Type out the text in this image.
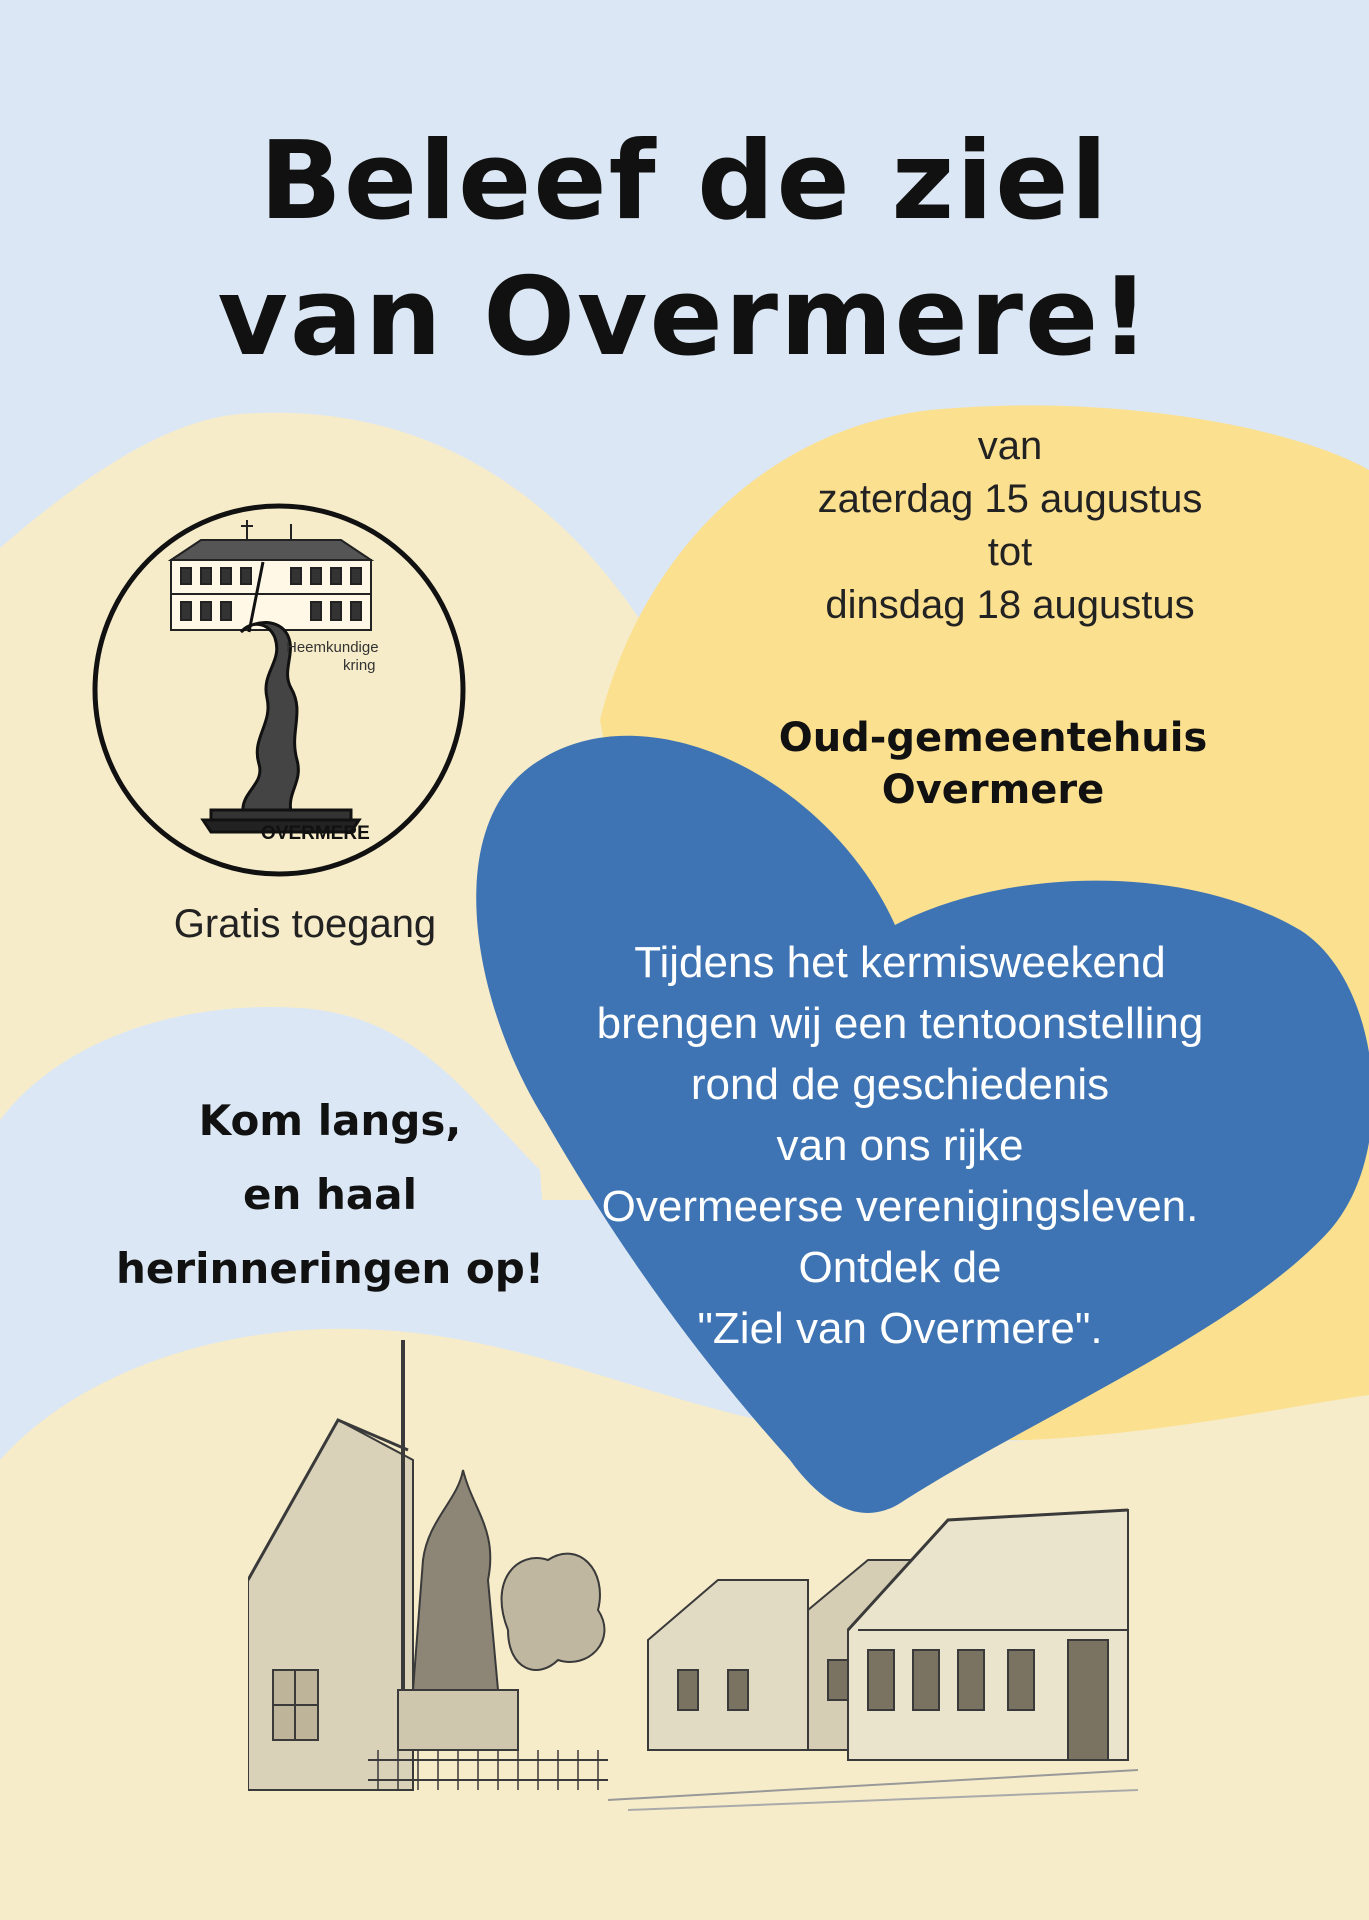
Beleef de ziel
van Overmere!
van
zaterdag 15 augustus
tot
dinsdag 18 augustus
Oud-gemeentehuis
Overmere
Heemkundige
kring
OVERMERE
Gratis toegang
Kom langs,
en haal
herinneringen op!
Tijdens het kermisweekend
brengen wij een tentoonstelling
rond de geschiedenis
van ons rijke
Overmeerse verenigingsleven.
Ontdek de
"Ziel van Overmere".
